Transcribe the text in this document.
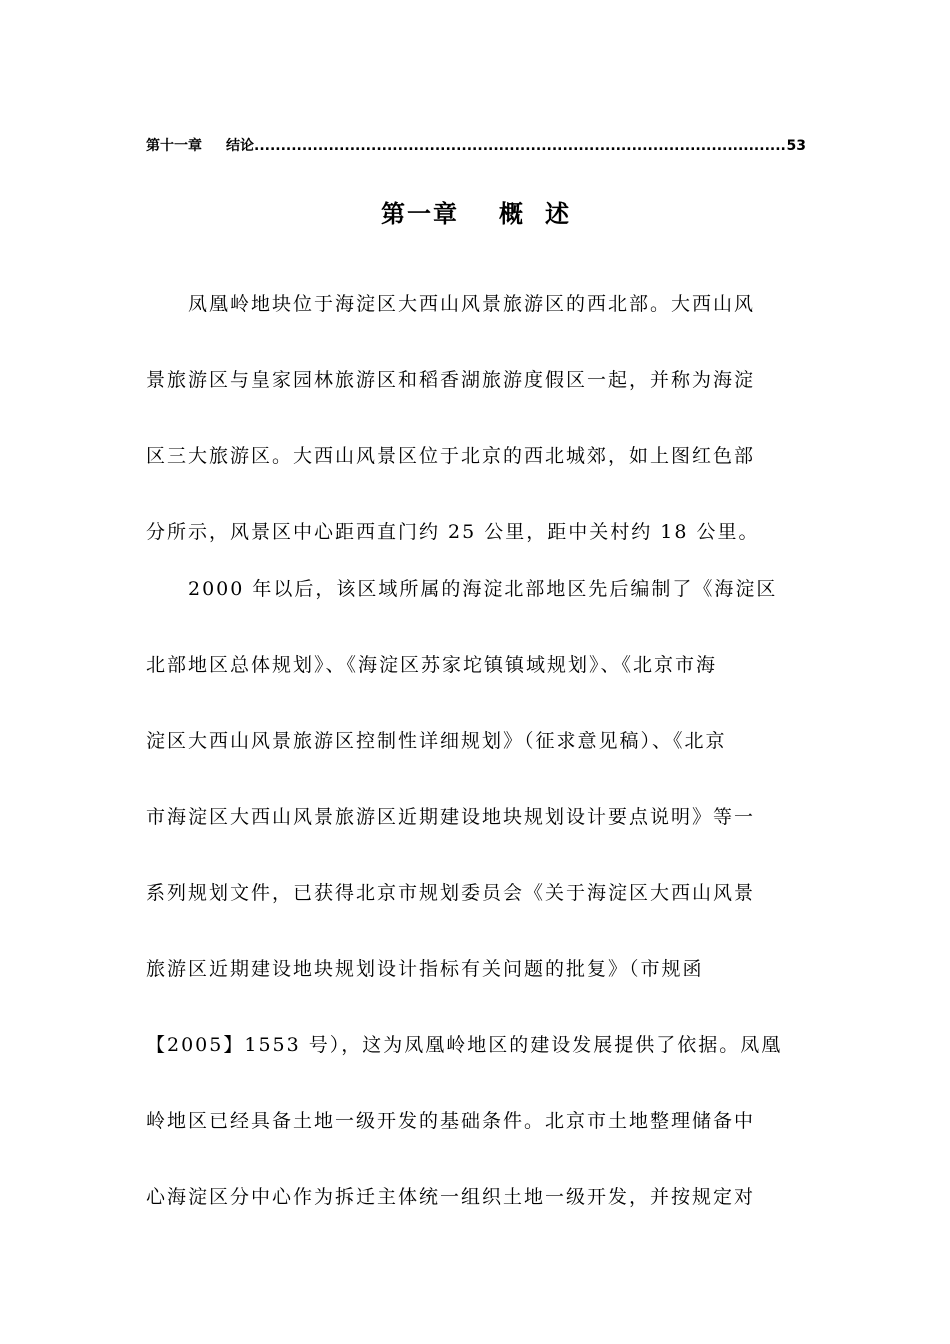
第十一章 结论
.....	53
第一章 概述
凤凰岭地块位于海淀区大西山风景旅游区的西北部。大西山风
景旅游区与皇家园林旅游区和稻香湖旅游度假区一起，并称为海淀
区三大旅游区。大西山风景区位于北京的西北城郊，如上图红色部
分所示，风景区中心距西直门约 25 公里，距中关村约 18 公里。
2000 年以后，该区域所属的海淀北部地区先后编制了《海淀区
北部地区总体规划》、《海淀区苏家坨镇镇域规划》、《北京市海
淀区大西山风景旅游区控制性详细规划》（征求意见稿）、《北京
市海淀区大西山风景旅游区近期建设地块规划设计要点说明》等一
系列规划文件，已获得北京市规划委员会《关于海淀区大西山风景
旅游区近期建设地块规划设计指标有关问题的批复》（市规函
【2005】1553 号），这为凤凰岭地区的建设发展提供了依据。凤凰
岭地区已经具备土地一级开发的基础条件。北京市土地整理储备中
心海淀区分中心作为拆迁主体统一组织土地一级开发，并按规定对
